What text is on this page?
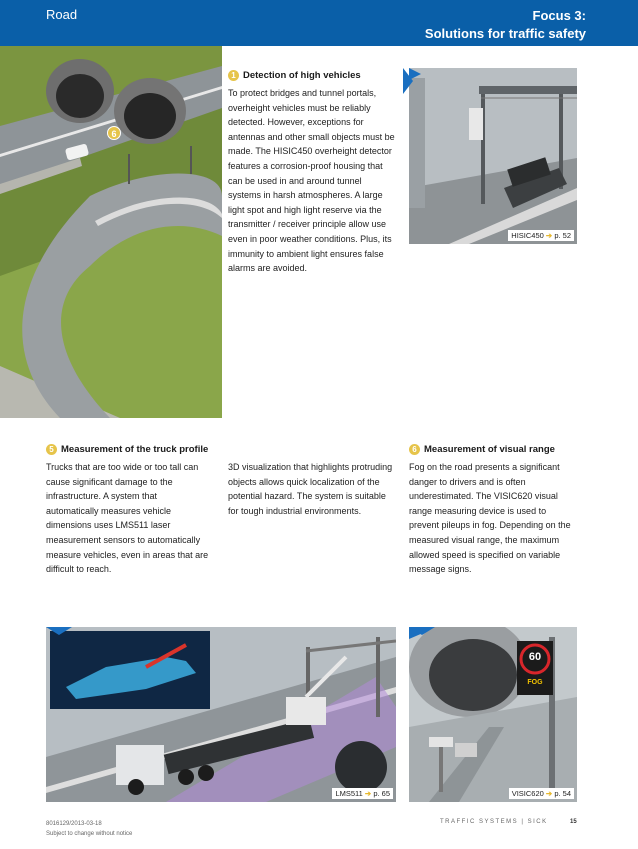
Road	Focus 3:
Solutions for traffic safety
6
1 Detection of high vehicles
To protect bridges and tunnel portals, overheight vehicles must be reliably detected. However, exceptions for antennas and other small objects must be made. The HISIC450 overheight detector features a corrosion-proof housing that can be used in and around tunnel systems in harsh atmospheres. A large light spot and high light reserve via the transmitter / receiver principle allow use even in poor weather conditions. Plus, its immunity to ambient light ensures false alarms are avoided.
HISIC450 ➔ p. 52
5 Measurement of the truck profile
Trucks that are too wide or too tall can cause significant damage to the infrastructure. A system that automatically measures vehicle dimensions uses LMS511 laser measurement sensors to automatically measure vehicles, even in areas that are difficult to reach.
3D visualization that highlights protruding objects allows quick localization of the potential hazard. The system is suitable for tough industrial environments.
6 Measurement of visual range
Fog on the road presents a significant danger to drivers and is often underestimated. The VISIC620 visual range measuring device is used to prevent pileups in fog. Depending on the measured visual range, the maximum allowed speed is specified on variable message signs.
LMS511 ➔ p. 65
60
FOG
VISIC620 ➔ p. 54
8016129/2013-03-18
Subject to change without notice
TRAFFIC SYSTEMS | SICK	15
